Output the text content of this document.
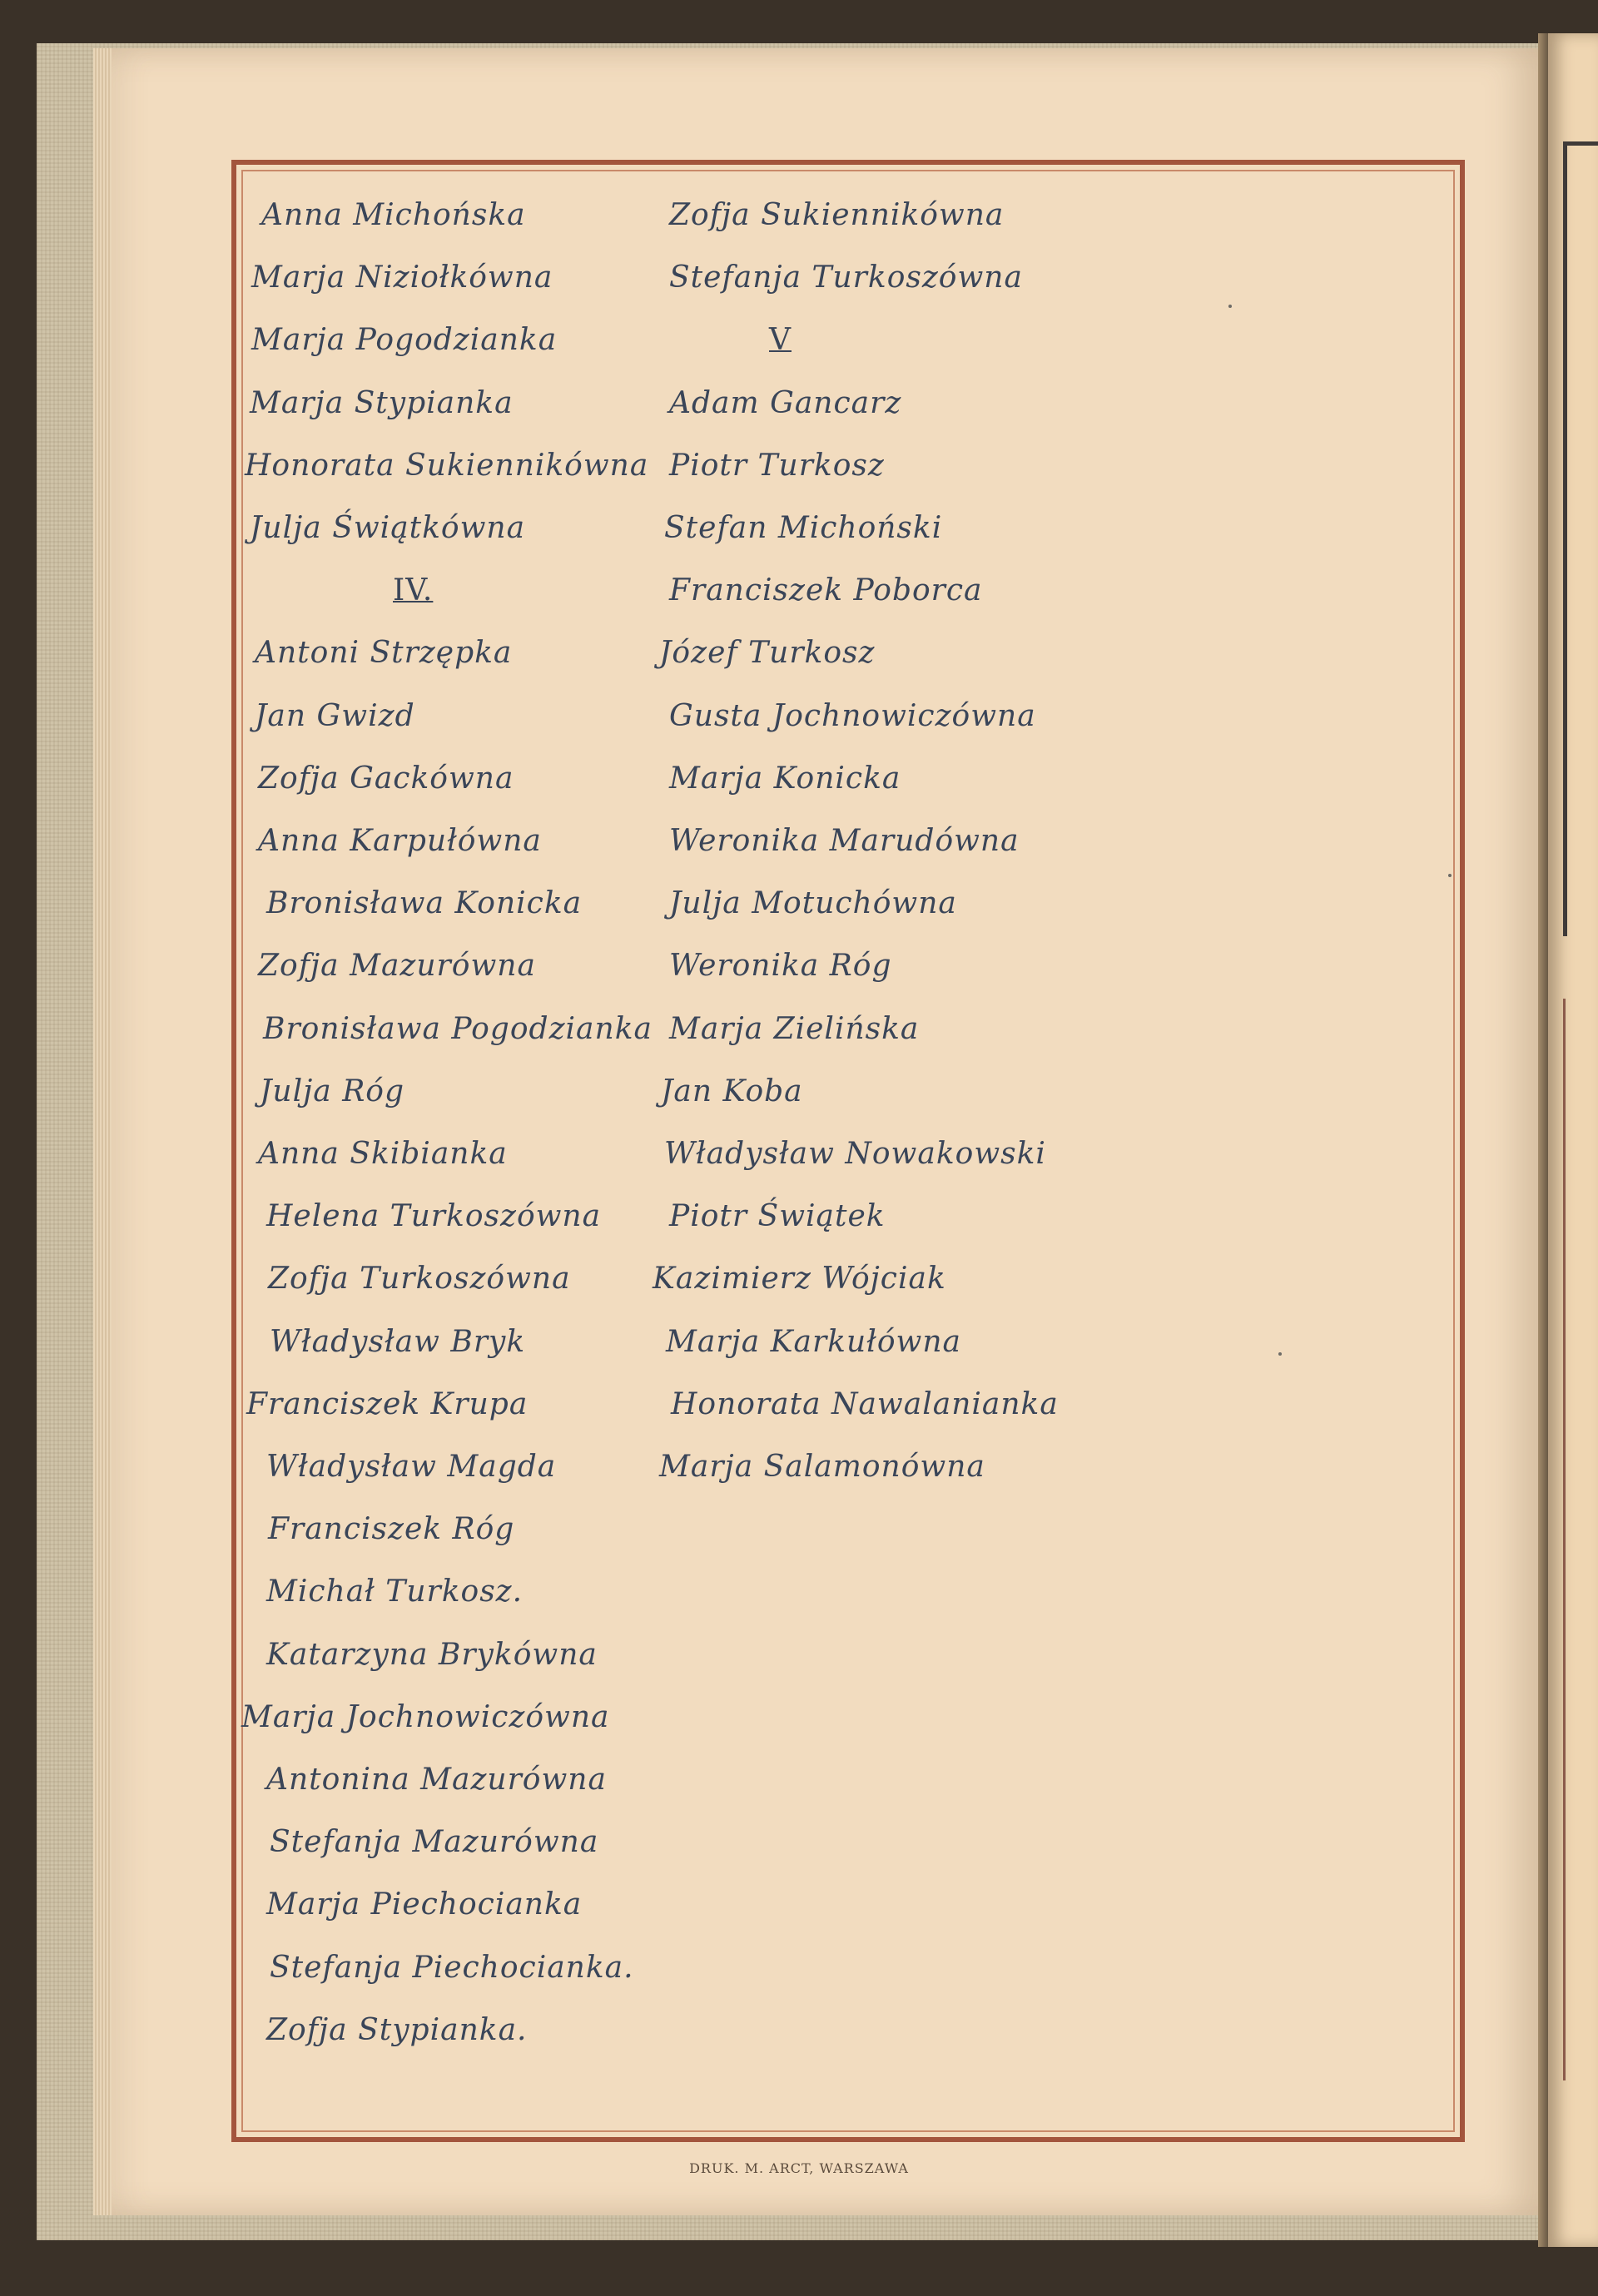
Anna Michońska
Marja Niziołkówna
Marja Pogodzianka
Marja Stypianka
Honorata Sukiennikówna
Julja Świątkówna
IV.
Antoni Strzępka
Jan Gwizd
Zofja Gackówna
Anna Karpułówna
Bronisława Konicka
Zofja Mazurówna
Bronisława Pogodzianka
Julja Róg
Anna Skibianka
Helena Turkoszówna
Zofja Turkoszówna
Władysław Bryk
Franciszek Krupa
Władysław Magda
Franciszek Róg
Michał Turkosz.
Katarzyna Brykówna
Marja Jochnowiczówna
Antonina Mazurówna
Stefanja Mazurówna
Marja Piechocianka
Stefanja Piechocianka.
Zofja Stypianka.
Zofja Sukiennikówna
Stefanja Turkoszówna
V
Adam Gancarz
Piotr Turkosz
Stefan Michoński
Franciszek Poborca
Józef Turkosz
Gusta Jochnowiczówna
Marja Konicka
Weronika Marudówna
Julja Motuchówna
Weronika Róg
Marja Zielińska
Jan Koba
Władysław Nowakowski
Piotr Świątek
Kazimierz Wójciak
Marja Karkułówna
Honorata Nawalanianka
Marja Salamonówna
DRUK. M. ARCT, WARSZAWA
